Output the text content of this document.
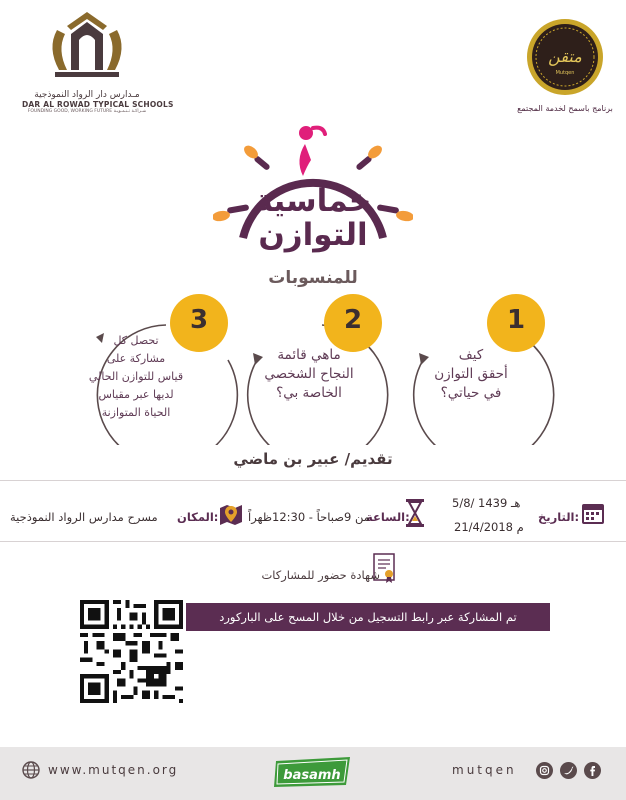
مـدارس دار الرواد النموذجية
DAR AL ROWAD TYPICAL SCHOOLS
FOUNDING GOOD, WORKING FUTURE شـراكـة تـنـمـويـة
متقن
Mutqen
برنامج باسمح لخدمة المجتمع
خماسية
التوازن
للمنسوبات
1
2
3
كيف
أحقق التوازن
في حياتي؟
ماهي قائمة
النجاح الشخصي
الخاصة بي؟
تحصل كل
مشاركة على
قياس للتوازن الحالي
لديها عبر مقياس
الحياة المتوازنة
تقديم/ عبير بن ماضي
التاريخ:
5/8/ 1439 هـ
21/4/2018 م
الساعة:
من 9صباحاً - 12:30ظهراً
المكان:
مسرح مدارس الرواد النموذجية
شهادة حضور للمشاركات
تم المشاركة عبر رابط التسجيل من خلال المسح على الباركورد
www.mutqen.org	basamh	mutqen
